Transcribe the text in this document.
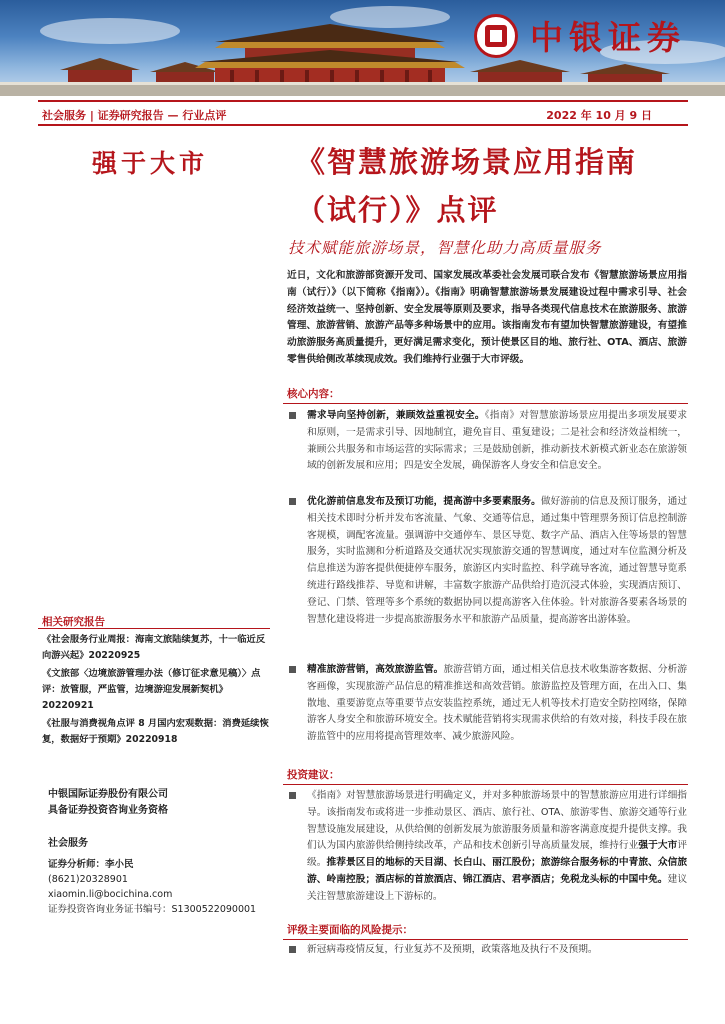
中银证券
社会服务 | 证券研究报告 — 行业点评	2022 年 10 月 9 日
强于大市	《智慧旅游场景应用指南
（试行）》点评
技术赋能旅游场景，智慧化助力高质量服务
近日，文化和旅游部资源开发司、国家发展改革委社会发展司联合发布《智慧旅游场景应用指南（试行）》（以下简称《指南》）。《指南》明确智慧旅游场景发展建设过程中需求引导、社会经济效益统一、坚持创新、安全发展等原则及要求，指导各类现代信息技术在旅游服务、旅游管理、旅游营销、旅游产品等多种场景中的应用。该指南发布有望加快智慧旅游建设，有望推动旅游服务高质量提升，更好满足需求变化，预计使景区目的地、旅行社、OTA、酒店、旅游零售供给侧改革续现成效。我们维持行业强于大市评级。
核心内容：
需求导向坚持创新，兼顾效益重视安全。《指南》对智慧旅游场景应用提出多项发展要求和原则，一是需求引导、因地制宜，避免盲目、重复建设；二是社会和经济效益相统一，兼顾公共服务和市场运营的实际需求；三是鼓励创新，推动新技术新模式新业态在旅游领域的创新发展和应用；四是安全发展，确保游客人身安全和信息安全。
优化游前信息发布及预订功能，提高游中多要素服务。做好游前的信息及预订服务，通过相关技术即时分析并发布客流量、气象、交通等信息，通过集中管理票务预订信息控制游客规模，调配客流量。强调游中交通停车、景区导览、数字产品、酒店入住等场景的智慧服务，实时监测和分析道路及交通状况实现旅游交通的智慧调度，通过对车位监测分析及信息推送为游客提供便捷停车服务，旅游区内实时监控、科学疏导客流，通过智慧导览系统进行路线推荐、导览和讲解，丰富数字旅游产品供给打造沉浸式体验，实现酒店预订、登记、门禁、管理等多个系统的数据协同以提高游客入住体验。针对旅游各要素各场景的智慧化建设将进一步提高旅游服务水平和旅游产品质量，提高游客出游体验。
精准旅游营销，高效旅游监管。旅游营销方面，通过相关信息技术收集游客数据、分析游客画像，实现旅游产品信息的精准推送和高效营销。旅游监控及管理方面，在出入口、集散地、重要游览点等重要节点安装监控系统，通过无人机等技术打造安全防控网络，保障游客人身安全和旅游环境安全。技术赋能营销将实现需求供给的有效对接，科技手段在旅游监管中的应用将提高管理效率、减少旅游风险。
投资建议：
《指南》对智慧旅游场景进行明确定义，并对多种旅游场景中的智慧旅游应用进行详细指导。该指南发布或将进一步推动景区、酒店、旅行社、OTA、旅游零售、旅游交通等行业智慧设施发展建设，从供给侧的创新发展为旅游服务质量和游客满意度提升提供支撑。我们认为国内旅游供给侧持续改革，产品和技术创新引导高质量发展，维持行业强于大市评级。推荐景区目的地标的天目湖、长白山、丽江股份；旅游综合服务标的中青旅、众信旅游、岭南控股；酒店标的首旅酒店、锦江酒店、君亭酒店；免税龙头标的中国中免。建议关注智慧旅游建设上下游标的。
评级主要面临的风险提示：
新冠病毒疫情反复，行业复苏不及预期，政策落地及执行不及预期。
相关研究报告
《社会服务行业周报：海南文旅陆续复苏，十一临近反向游兴起》20220925
《文旅部〈边境旅游管理办法（修订征求意见稿）〉点评：放管服，严监管，边境游迎发展新契机》20220921
《社服与消费视角点评 8 月国内宏观数据：消费延续恢复，数据好于预期》20220918
中银国际证券股份有限公司
具备证券投资咨询业务资格
社会服务
证券分析师：李小民
(8621)20328901
xiaomin.li@bocichina.com
证券投资咨询业务证书编号：S1300522090001
